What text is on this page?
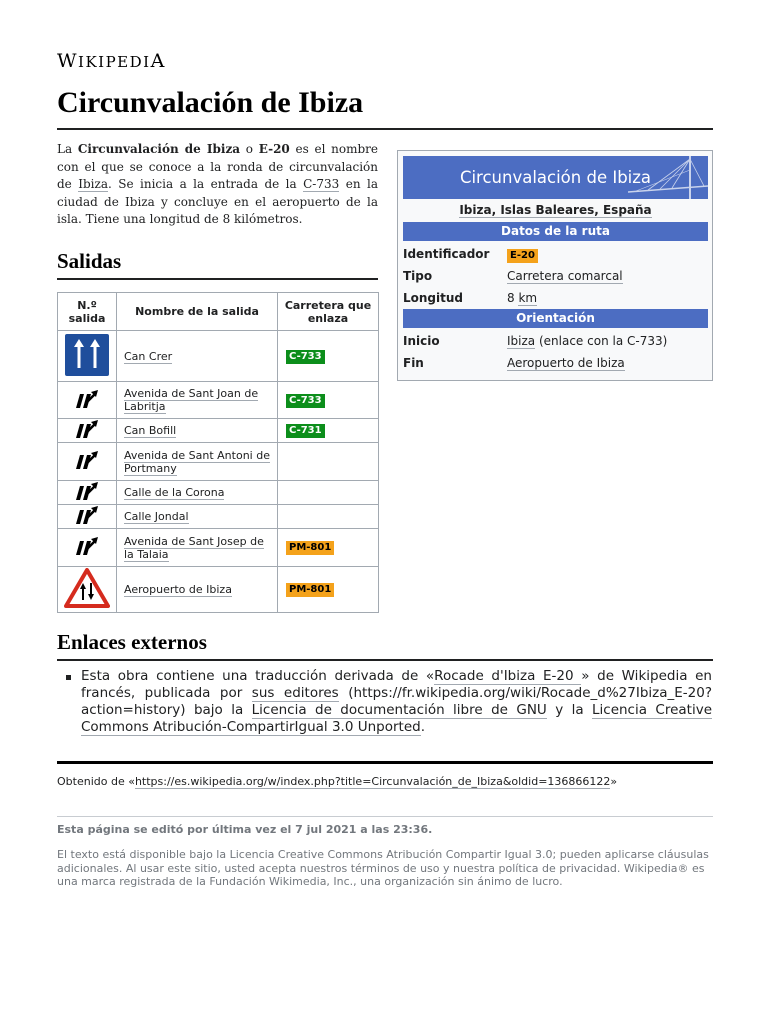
WIKIPEDIA
Circunvalación de Ibiza

La Circunvalación de Ibiza o E-20 es el nombre con el que se conoce a la ronda de circunvalación de Ibiza. Se inicia a la entrada de la C-733 en la ciudad de Ibiza y concluye en el aeropuerto de la isla. Tiene una longitud de 8 kilómetros.

Salidas
N.º salida	Nombre de la salida	Carretera que enlaza
	Can Crer	C-733
	Avenida de Sant Joan de Labritja	C-733
	Can Bofill	C-731
	Avenida de Sant Antoni de Portmany	
	Calle de la Corona	
	Calle Jondal	
	Avenida de Sant Josep de la Talaia	PM-801
	Aeropuerto de Ibiza	PM-801
Circunvalación de Ibiza
Ibiza, Islas Baleares, España
Datos de la ruta
Identificador	E-20
Tipo	Carretera comarcal
Longitud	8 km
Orientación
Inicio	Ibiza (enlace con la C-733)
Fin	Aeropuerto de Ibiza
Enlaces externos

Esta obra contiene una traducción derivada de «Rocade d'Ibiza E-20 » de Wikipedia en francés, publicada por sus editores (https://fr.wikipedia.org/wiki/Rocade_d%27Ibiza_E-20?action=history) bajo la Licencia de documentación libre de GNU y la Licencia Creative Commons Atribución-CompartirIgual 3.0 Unported.

Obtenido de «https://es.wikipedia.org/w/index.php?title=Circunvalación_de_Ibiza&oldid=136866122»
Esta página se editó por última vez el 7 jul 2021 a las 23:36.
El texto está disponible bajo la Licencia Creative Commons Atribución Compartir Igual 3.0; pueden aplicarse cláusulas adicionales. Al usar este sitio, usted acepta nuestros términos de uso y nuestra política de privacidad. Wikipedia® es una marca registrada de la Fundación Wikimedia, Inc., una organización sin ánimo de lucro.
